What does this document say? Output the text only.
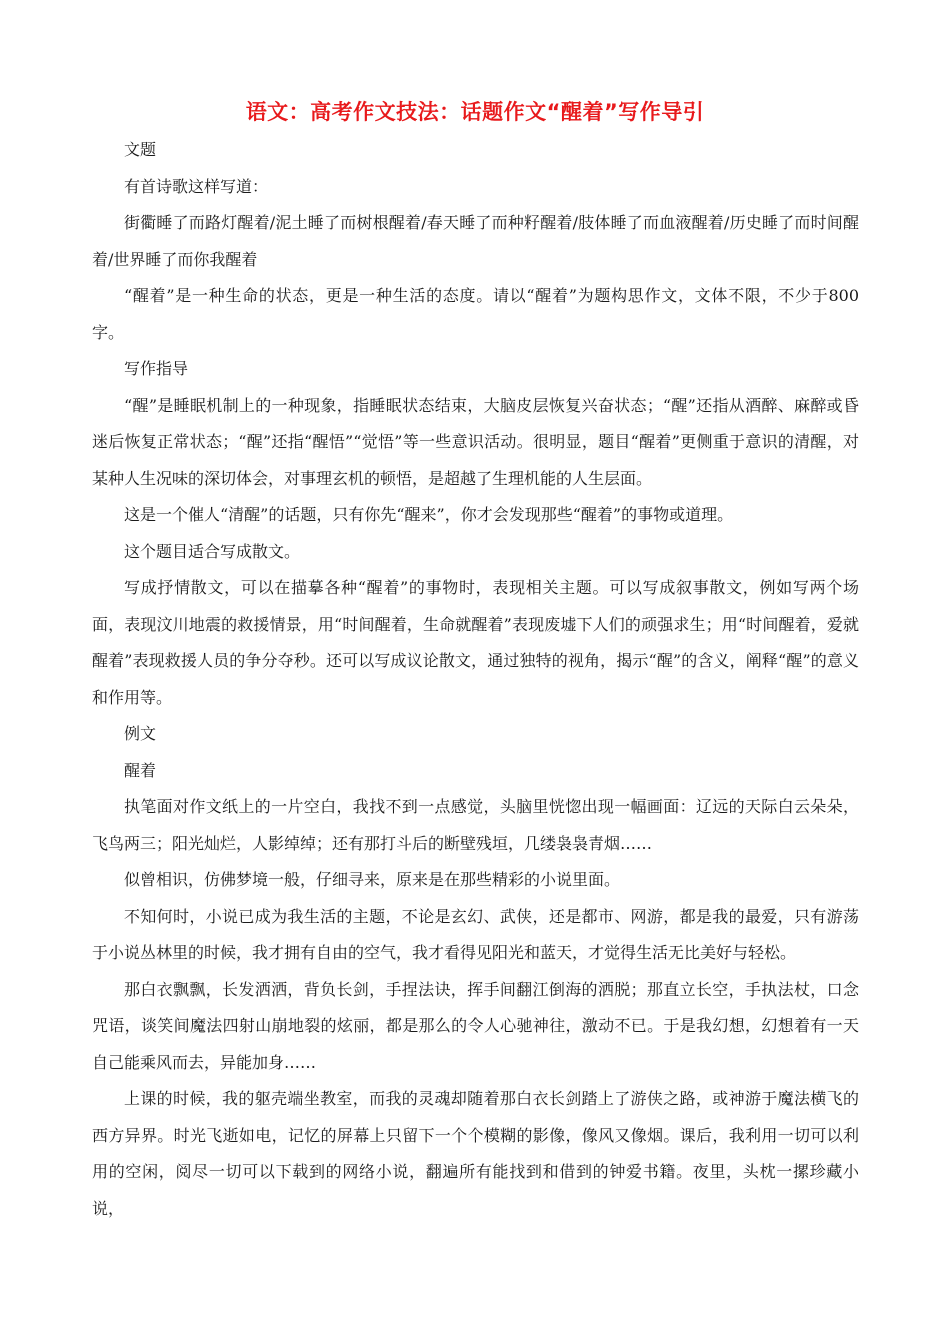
语文：高考作文技法：话题作文“醒着”写作导引

文题

有首诗歌这样写道：

街衢睡了而路灯醒着/泥土睡了而树根醒着/春天睡了而种籽醒着/肢体睡了而血液醒着/历史睡了而时间醒着/世界睡了而你我醒着

“醒着”是一种生命的状态，更是一种生活的态度。请以“醒着”为题构思作文，文体不限，不少于800字。

写作指导

“醒”是睡眠机制上的一种现象，指睡眠状态结束，大脑皮层恢复兴奋状态；“醒”还指从酒醉、麻醉或昏迷后恢复正常状态；“醒”还指“醒悟”“觉悟”等一些意识活动。很明显，题目“醒着”更侧重于意识的清醒，对某种人生况味的深切体会，对事理玄机的顿悟，是超越了生理机能的人生层面。

这是一个催人“清醒”的话题，只有你先“醒来”，你才会发现那些“醒着”的事物或道理。

这个题目适合写成散文。

写成抒情散文，可以在描摹各种“醒着”的事物时，表现相关主题。可以写成叙事散文，例如写两个场面，表现汶川地震的救援情景，用“时间醒着，生命就醒着”表现废墟下人们的顽强求生；用“时间醒着，爱就醒着”表现救援人员的争分夺秒。还可以写成议论散文，通过独特的视角，揭示“醒”的含义，阐释“醒”的意义和作用等。

例文

醒着

执笔面对作文纸上的一片空白，我找不到一点感觉，头脑里恍惚出现一幅画面：辽远的天际白云朵朵，飞鸟两三；阳光灿烂，人影绰绰；还有那打斗后的断壁残垣，几缕袅袅青烟……

似曾相识，仿佛梦境一般，仔细寻来，原来是在那些精彩的小说里面。

不知何时，小说已成为我生活的主题，不论是玄幻、武侠，还是都市、网游，都是我的最爱，只有游荡于小说丛林里的时候，我才拥有自由的空气，我才看得见阳光和蓝天，才觉得生活无比美好与轻松。

那白衣飘飘，长发洒洒，背负长剑，手捏法诀，挥手间翻江倒海的洒脱；那直立长空，手执法杖，口念咒语，谈笑间魔法四射山崩地裂的炫丽，都是那么的令人心驰神往，激动不已。于是我幻想，幻想着有一天自己能乘风而去，异能加身……

上课的时候，我的躯壳端坐教室，而我的灵魂却随着那白衣长剑踏上了游侠之路，或神游于魔法横飞的西方异界。时光飞逝如电，记忆的屏幕上只留下一个个模糊的影像，像风又像烟。课后，我利用一切可以利用的空闲，阅尽一切可以下载到的网络小说，翻遍所有能找到和借到的钟爱书籍。夜里，头枕一摞珍藏小说，
